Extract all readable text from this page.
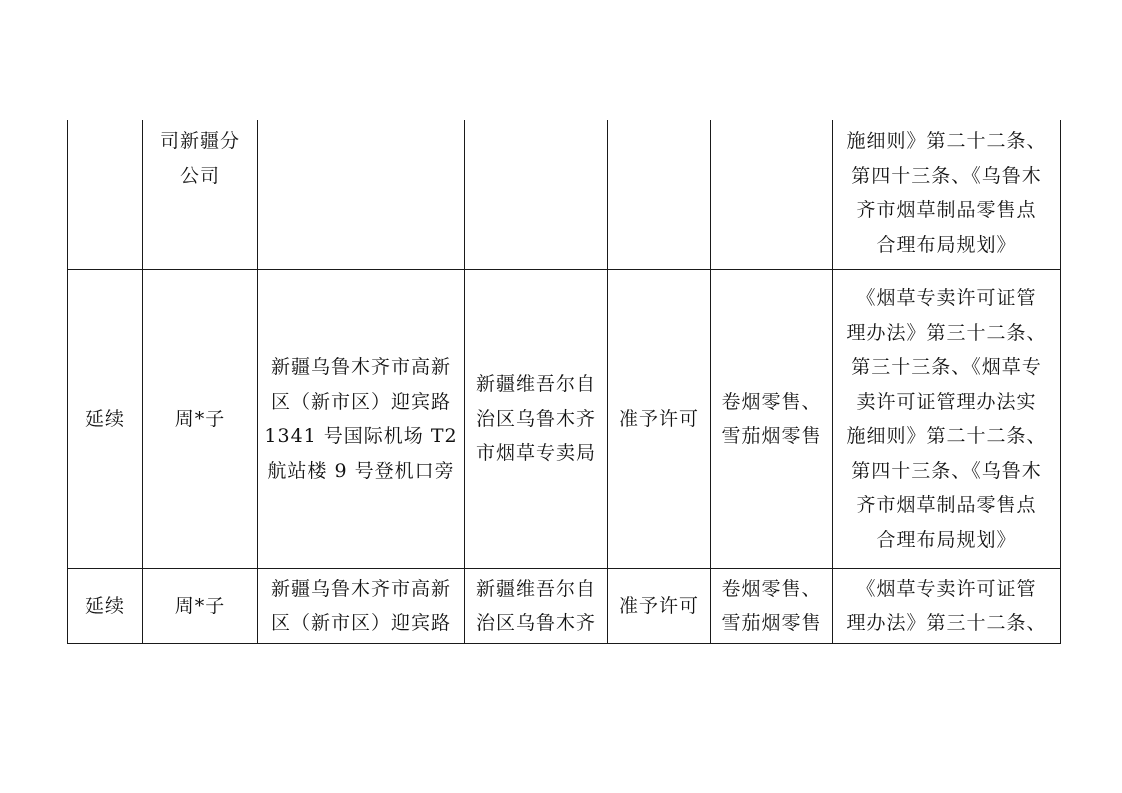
司新疆分
公司
施细则》第二十二条、
第四十三条、《乌鲁木
齐市烟草制品零售点
合理布局规划》
延续	周*子
新疆乌鲁木齐市高新
区（新市区）迎宾路
1341 号国际机场 T2
航站楼 9 号登机口旁
新疆维吾尔自
治区乌鲁木齐
市烟草专卖局
准予许可
卷烟零售、
雪茄烟零售
《烟草专卖许可证管
理办法》第三十二条、
第三十三条、《烟草专
卖许可证管理办法实
施细则》第二十二条、
第四十三条、《乌鲁木
齐市烟草制品零售点
合理布局规划》
延续	周*子
新疆乌鲁木齐市高新
区（新市区）迎宾路
新疆维吾尔自
治区乌鲁木齐
准予许可
卷烟零售、
雪茄烟零售
《烟草专卖许可证管
理办法》第三十二条、
